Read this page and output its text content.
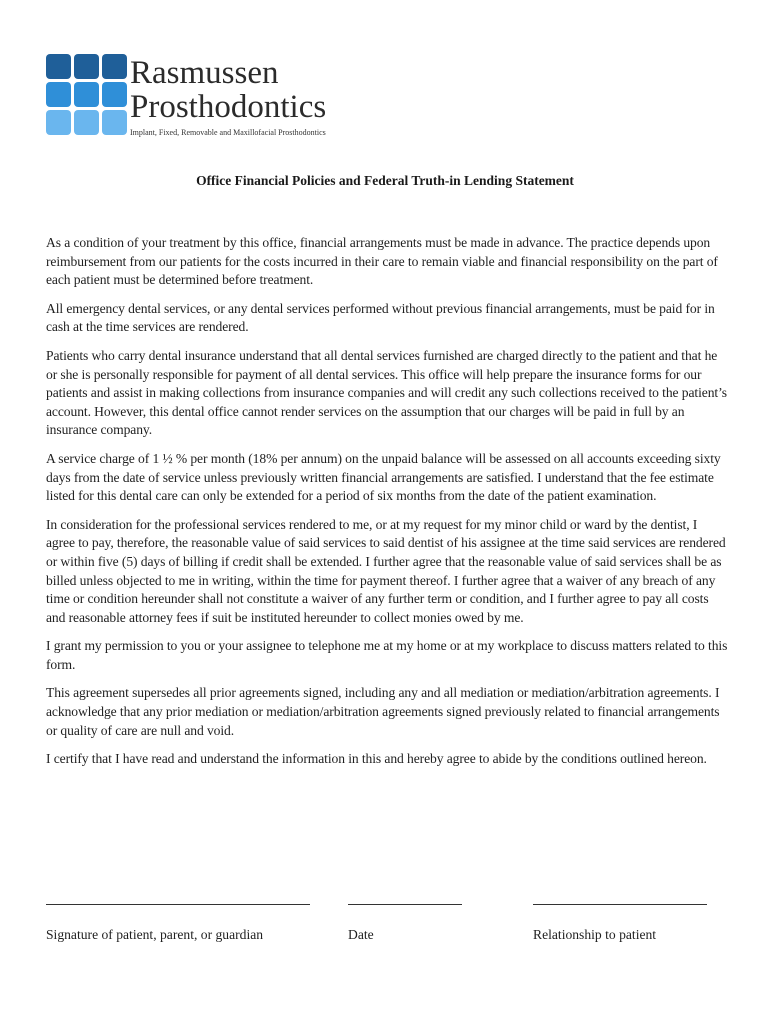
Rasmussen
Prosthodontics
Implant, Fixed, Removable and Maxillofacial Prosthodontics
Office Financial Policies and Federal Truth-in Lending Statement

As a condition of your treatment by this office, financial arrangements must be made in advance. The practice depends upon reimbursement from our patients for the costs incurred in their care to remain viable and financial responsibility on the part of each patient must be determined before treatment.

All emergency dental services, or any dental services performed without previous financial arrangements, must be paid for in cash at the time services are rendered.

Patients who carry dental insurance understand that all dental services furnished are charged directly to the patient and that he or she is personally responsible for payment of all dental services. This office will help prepare the insurance forms for our patients and assist in making collections from insurance companies and will credit any such collections received to the patient’s account. However, this dental office cannot render services on the assumption that our charges will be paid in full by an insurance company.

A service charge of 1 ½ % per month (18% per annum) on the unpaid balance will be assessed on all accounts exceeding sixty days from the date of service unless previously written financial arrangements are satisfied. I understand that the fee estimate listed for this dental care can only be extended for a period of six months from the date of the patient examination.

In consideration for the professional services rendered to me, or at my request for my minor child or ward by the dentist, I agree to pay, therefore, the reasonable value of said services to said dentist of his assignee at the time said services are rendered or within five (5) days of billing if credit shall be extended. I further agree that the reasonable value of said services shall be as billed unless objected to me in writing, within the time for payment thereof. I further agree that a waiver of any breach of any time or condition hereunder shall not constitute a waiver of any further term or condition, and I further agree to pay all costs and reasonable attorney fees if suit be instituted hereunder to collect monies owed by me.

I grant my permission to you or your assignee to telephone me at my home or at my workplace to discuss matters related to this form.

This agreement supersedes all prior agreements signed, including any and all mediation or mediation/arbitration agreements. I acknowledge that any prior mediation or mediation/arbitration agreements signed previously related to financial arrangements or quality of care are null and void.

I certify that I have read and understand the information in this and hereby agree to abide by the conditions outlined hereon.

Signature of patient, parent, or guardian	Date	Relationship to patient
